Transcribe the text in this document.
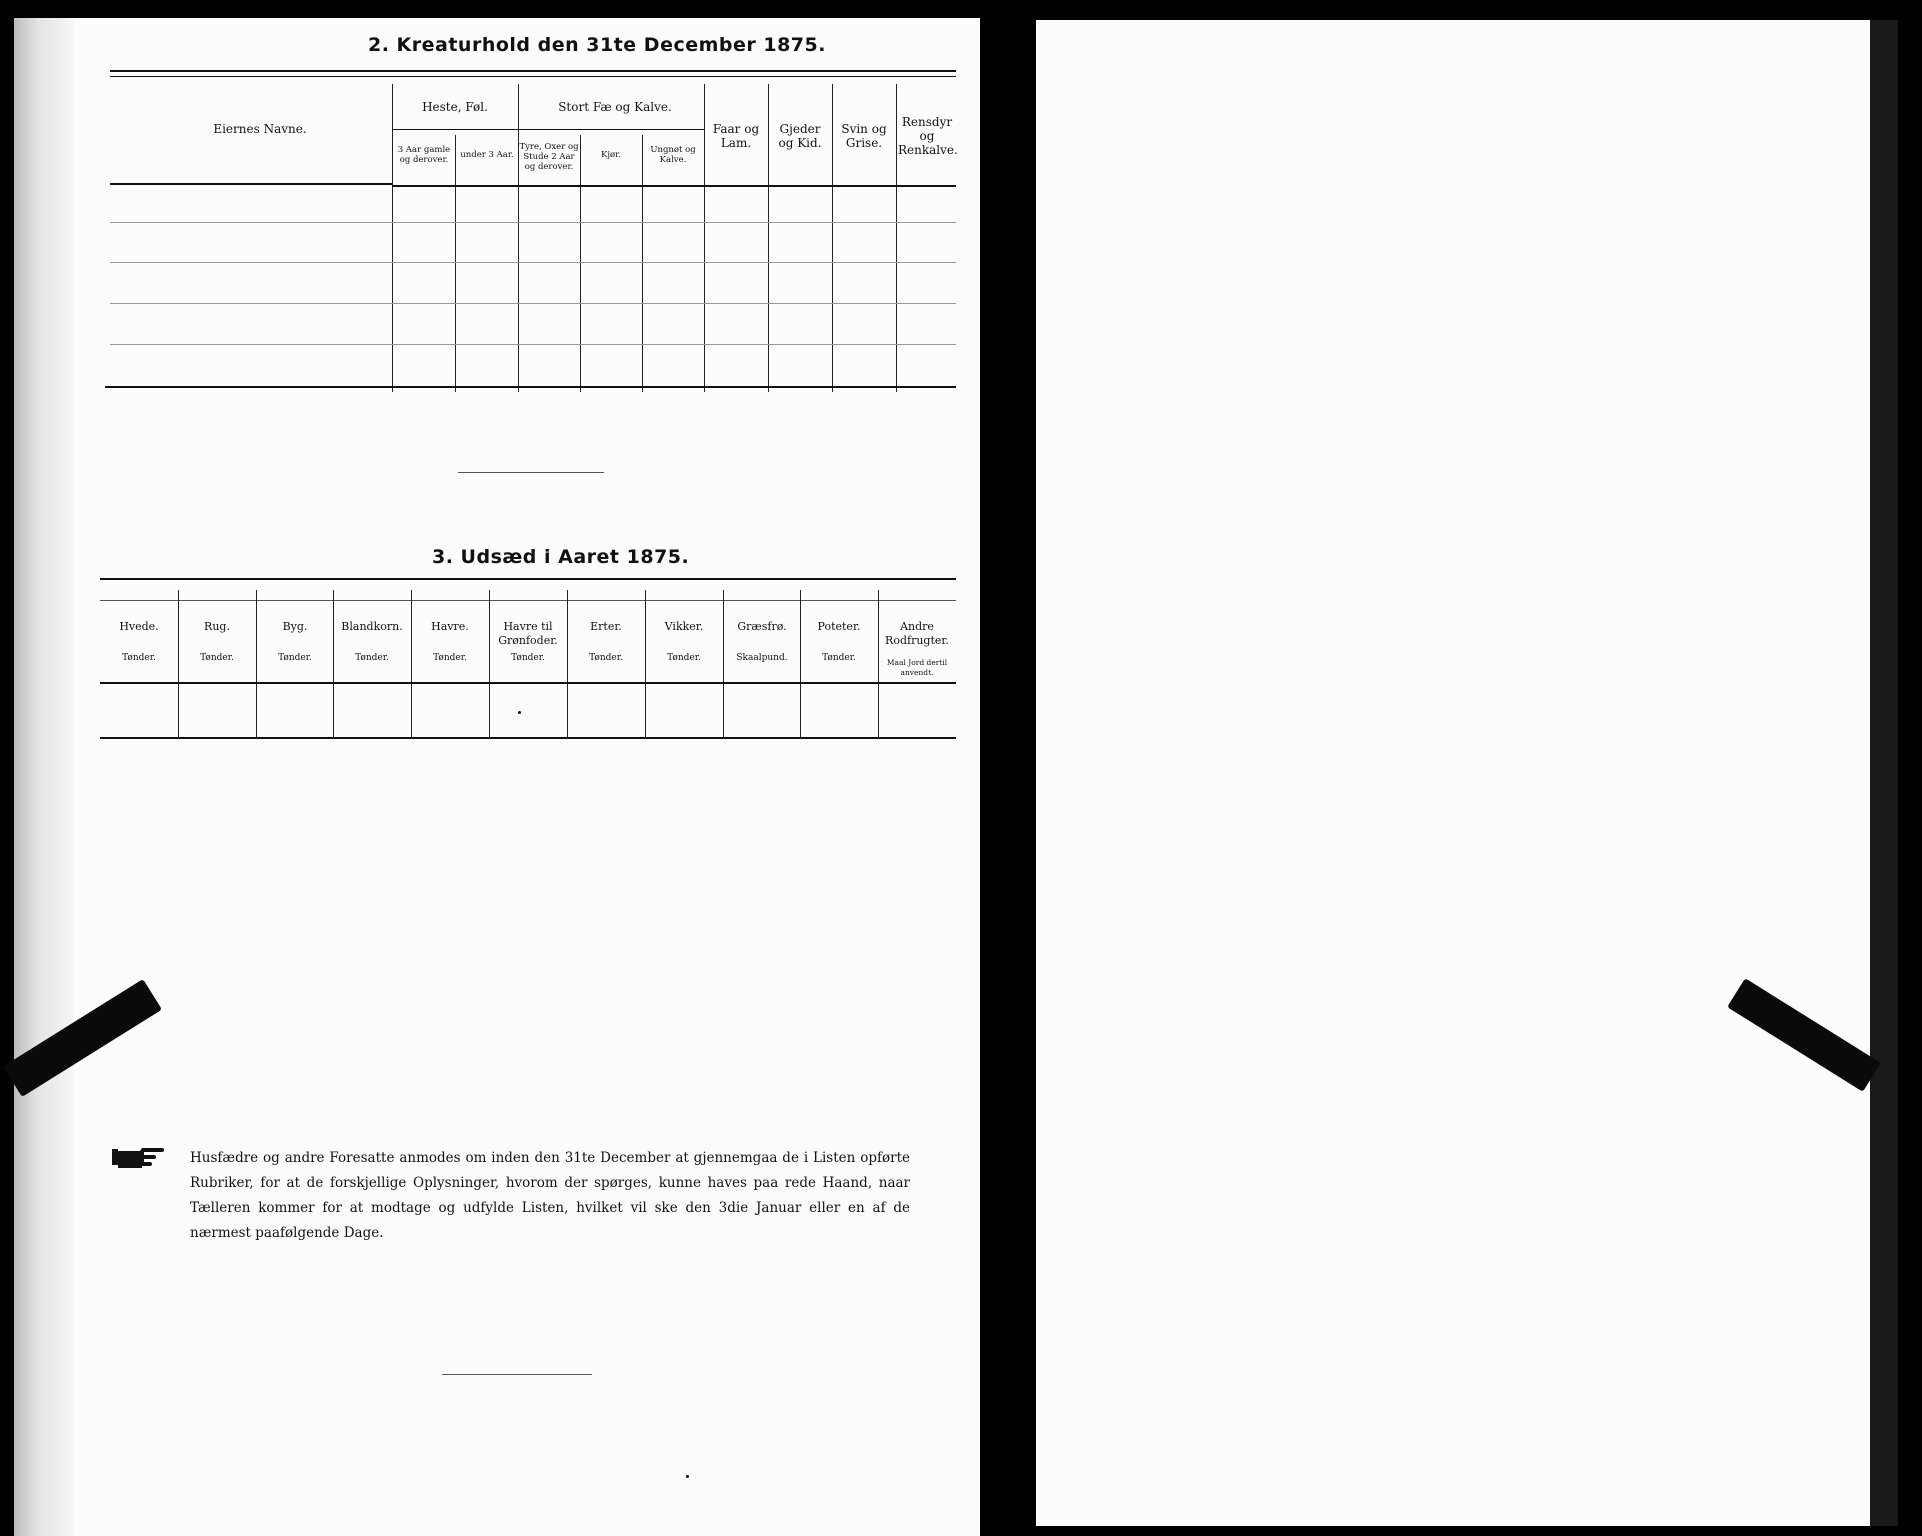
2. Kreaturhold den 31te December 1875.
Eiernes Navne.
Heste, Føl.
3 Aar gamle og derover.	under 3 Aar.
Stort Fæ og Kalve.
Tyre, Oxer og Stude 2 Aar og derover.
Kjør.	Ungnøt og Kalve.
Faar og Lam.
Gjeder og Kid.
Svin og Grise.
Rensdyr og Renkalve.
3. Udsæd i Aaret 1875.
Hvede.
Tønder.
Rug.
Tønder.
Byg.
Tønder.
Blandkorn.
Tønder.
Havre.
Tønder.
Havre til Grønfoder.
Tønder.
Erter.
Tønder.
Vikker.
Tønder.
Græsfrø.
Skaalpund.
Poteter.
Tønder.
Andre Rodfrugter.
Maal Jord dertil anvendt.
Husfædre og andre Foresatte anmodes om inden den 31te December at gjennemgaa de i Listen opførte Rubriker, for at de forskjellige Oplysninger, hvorom der spørges, kunne haves paa rede Haand, naar Tælleren kommer for at modtage og udfylde Listen, hvilket vil ske den 3die Januar eller en af de nærmest paafølgende Dage.
